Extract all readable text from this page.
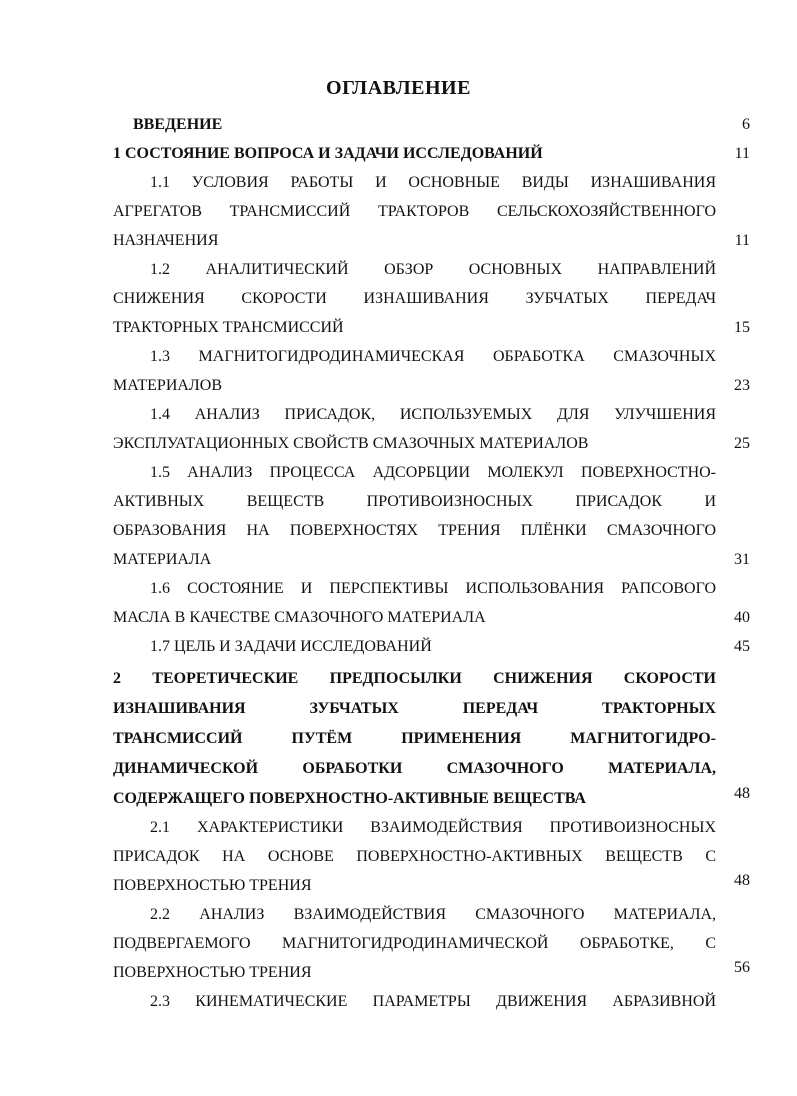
ОГЛАВЛЕНИЕ
ВВЕДЕНИЕ	6
1 СОСТОЯНИЕ ВОПРОСА И ЗАДАЧИ ИССЛЕДОВАНИЙ	11
1.1 УСЛОВИЯ РАБОТЫ И ОСНОВНЫЕ ВИДЫ ИЗНАШИВАНИЯ
АГРЕГАТОВ ТРАНСМИССИЙ ТРАКТОРОВ СЕЛЬСКОХОЗЯЙСТВЕННОГО
НАЗНАЧЕНИЯ	11
1.2 АНАЛИТИЧЕСКИЙ ОБЗОР ОСНОВНЫХ НАПРАВЛЕНИЙ
СНИЖЕНИЯ СКОРОСТИ ИЗНАШИВАНИЯ ЗУБЧАТЫХ ПЕРЕДАЧ
ТРАКТОРНЫХ ТРАНСМИССИЙ	15
1.3 МАГНИТОГИДРОДИНАМИЧЕСКАЯ ОБРАБОТКА СМАЗОЧНЫХ
МАТЕРИАЛОВ	23
1.4 АНАЛИЗ ПРИСАДОК, ИСПОЛЬЗУЕМЫХ ДЛЯ УЛУЧШЕНИЯ
ЭКСПЛУАТАЦИОННЫХ СВОЙСТВ СМАЗОЧНЫХ МАТЕРИАЛОВ	25
1.5 АНАЛИЗ ПРОЦЕССА АДСОРБЦИИ МОЛЕКУЛ ПОВЕРХНОСТНО-
АКТИВНЫХ ВЕЩЕСТВ ПРОТИВОИЗНОСНЫХ ПРИСАДОК И
ОБРАЗОВАНИЯ НА ПОВЕРХНОСТЯХ ТРЕНИЯ ПЛЁНКИ СМАЗОЧНОГО
МАТЕРИАЛА	31
1.6 СОСТОЯНИЕ И ПЕРСПЕКТИВЫ ИСПОЛЬЗОВАНИЯ РАПСОВОГО
МАСЛА В КАЧЕСТВЕ СМАЗОЧНОГО МАТЕРИАЛА	40
1.7 ЦЕЛЬ И ЗАДАЧИ ИССЛЕДОВАНИЙ	45
2 ТЕОРЕТИЧЕСКИЕ ПРЕДПОСЫЛКИ СНИЖЕНИЯ СКОРОСТИ
ИЗНАШИВАНИЯ ЗУБЧАТЫХ ПЕРЕДАЧ ТРАКТОРНЫХ
ТРАНСМИССИЙ ПУТЁМ ПРИМЕНЕНИЯ МАГНИТОГИДРО-
ДИНАМИЧЕСКОЙ ОБРАБОТКИ СМАЗОЧНОГО МАТЕРИАЛА,
СОДЕРЖАЩЕГО ПОВЕРХНОСТНО-АКТИВНЫЕ ВЕЩЕСТВА	48
2.1 ХАРАКТЕРИСТИКИ ВЗАИМОДЕЙСТВИЯ ПРОТИВОИЗНОСНЫХ
ПРИСАДОК НА ОСНОВЕ ПОВЕРХНОСТНО-АКТИВНЫХ ВЕЩЕСТВ С
ПОВЕРХНОСТЬЮ ТРЕНИЯ	48
2.2 АНАЛИЗ ВЗАИМОДЕЙСТВИЯ СМАЗОЧНОГО МАТЕРИАЛА,
ПОДВЕРГАЕМОГО МАГНИТОГИДРОДИНАМИЧЕСКОЙ ОБРАБОТКЕ, С
ПОВЕРХНОСТЬЮ ТРЕНИЯ	56
2.3 КИНЕМАТИЧЕСКИЕ ПАРАМЕТРЫ ДВИЖЕНИЯ АБРАЗИВНОЙ
